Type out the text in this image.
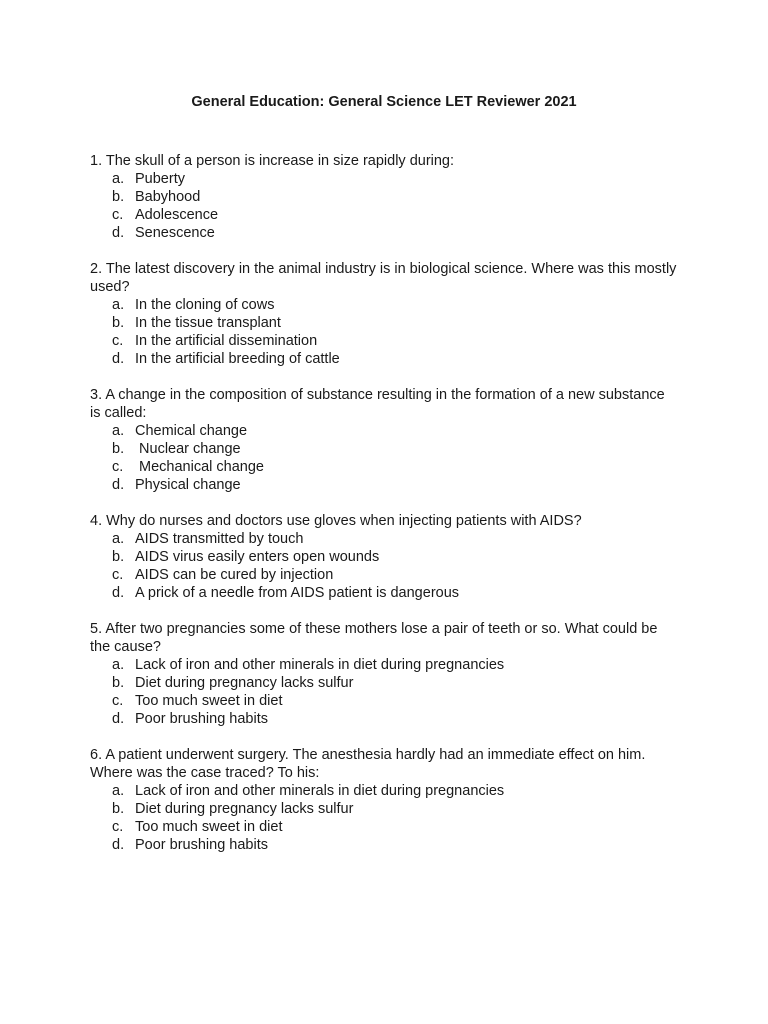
General Education: General Science LET Reviewer 2021

1. The skull of a person is increase in size rapidly during:

a. Puberty
b. Babyhood
c. Adolescence
d. Senescence

2. The latest discovery in the animal industry is in biological science. Where was this mostly used?

a. In the cloning of cows
b. In the tissue transplant
c. In the artificial dissemination
d. In the artificial breeding of cattle

3. A change in the composition of substance resulting in the formation of a new substance is called:

a. Chemical change
b. Nuclear change
c. Mechanical change
d. Physical change

4. Why do nurses and doctors use gloves when injecting patients with AIDS?

a. AIDS transmitted by touch
b. AIDS virus easily enters open wounds
c. AIDS can be cured by injection
d. A prick of a needle from AIDS patient is dangerous

5. After two pregnancies some of these mothers lose a pair of teeth or so. What could be the cause?

a. Lack of iron and other minerals in diet during pregnancies
b. Diet during pregnancy lacks sulfur
c. Too much sweet in diet
d. Poor brushing habits

6. A patient underwent surgery. The anesthesia hardly had an immediate effect on him. Where was the case traced? To his:

a. Lack of iron and other minerals in diet during pregnancies
b. Diet during pregnancy lacks sulfur
c. Too much sweet in diet
d. Poor brushing habits
